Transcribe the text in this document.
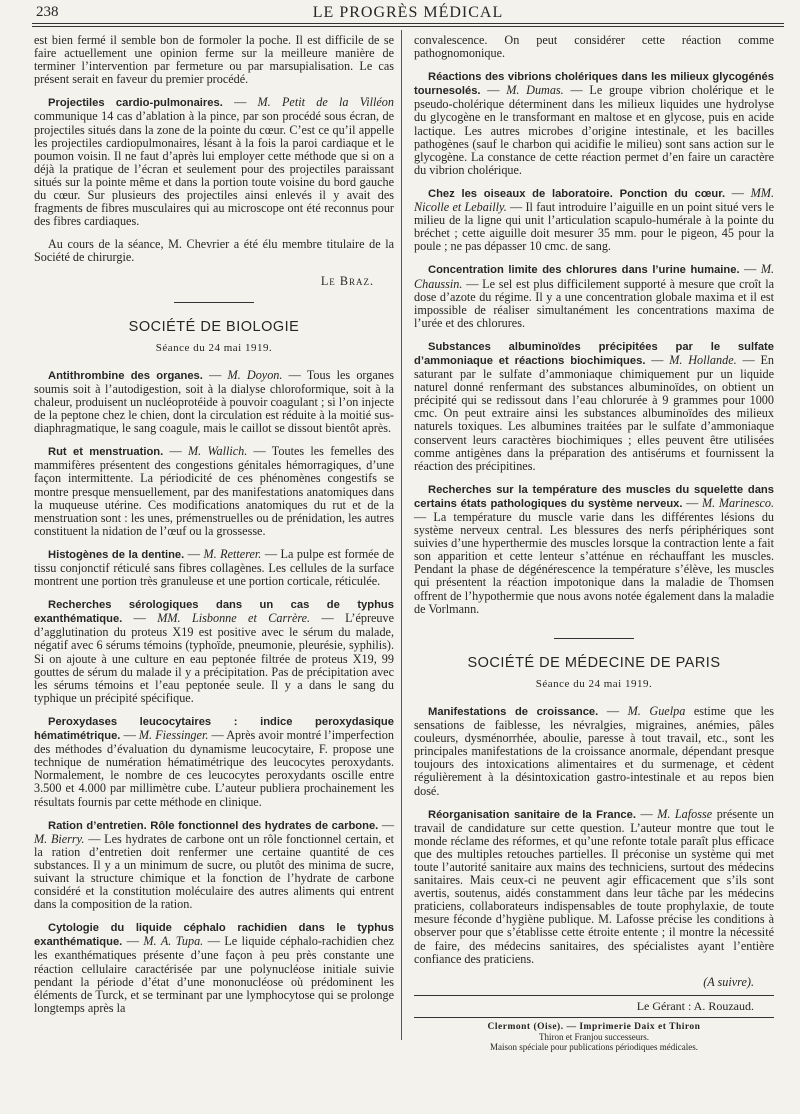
238	LE PROGRÈS MÉDICAL

est bien fermé il semble bon de formoler la poche. Il est difficile de se faire actuellement une opinion ferme sur la meilleure manière de terminer l’intervention par fermeture ou par marsupialisation. Le cas présent serait en faveur du premier procédé.

Projectiles cardio-pulmonaires. — M. Petit de la Villéon communique 14 cas d’ablation à la pince, par son procédé sous écran, de projectiles situés dans la zone de la pointe du cœur. C’est ce qu’il appelle les projectiles cardiopulmonaires, lésant à la fois la paroi cardiaque et le poumon voisin. Il ne faut d’après lui employer cette méthode que si on a déjà la pratique de l’écran et seulement pour des projectiles paraissant situés sur la pointe même et dans la portion toute voisine du bord gauche du cœur. Sur plusieurs des projectiles ainsi enlevés il y avait des fragments de fibres musculaires qui au microscope ont été reconnus pour des fibres cardiaques.

Au cours de la séance, M. Chevrier a été élu membre titulaire de la Société de chirurgie.

Le Braz.
SOCIÉTÉ DE BIOLOGIE
Séance du 24 mai 1919.

Antithrombine des organes. — M. Doyon. — Tous les organes soumis soit à l’autodigestion, soit à la dialyse chloroformique, soit à la chaleur, produisent un nucléoprotéide à pouvoir coagulant ; si l’on injecte de la peptone chez le chien, dont la circulation est réduite à la moitié sus-diaphragmatique, le sang coagule, mais le caillot se dissout bientôt après.

Rut et menstruation. — M. Wallich. — Toutes les femelles des mammifères présentent des congestions génitales hémorragiques, d’une façon intermittente. La périodicité de ces phénomènes congestifs se montre presque mensuellement, par des manifestations anatomiques dans la muqueuse utérine. Ces modifications anatomiques du rut et de la menstruation sont : les unes, prémenstruelles ou de prénidation, les autres constituent la nidation de l’œuf ou la grossesse.

Histogènes de la dentine. — M. Retterer. — La pulpe est formée de tissu conjonctif réticulé sans fibres collagènes. Les cellules de la surface montrent une portion très granuleuse et une portion corticale, réticulée.

Recherches sérologiques dans un cas de typhus exanthématique. — MM. Lisbonne et Carrère. — L’épreuve d’agglutination du proteus X19 est positive avec le sérum du malade, négatif avec 6 sérums témoins (typhoïde, pneumonie, pleurésie, syphilis). Si on ajoute à une culture en eau peptonée filtrée de proteus X19, 99 gouttes de sérum du malade il y a précipitation. Pas de précipitation avec les sérums témoins et l’eau peptonée seule. Il y a dans le sang du typhique un précipité spécifique.

Peroxydases leucocytaires : indice peroxydasique hématimétrique. — M. Fiessinger. — Après avoir montré l’imperfection des méthodes d’évaluation du dynamisme leucocytaire, F. propose une technique de numération hématimétrique des leucocytes peroxydants. Normalement, le nombre de ces leucocytes peroxydants oscille entre 3.500 et 4.000 par millimètre cube. L’auteur publiera prochainement les résultats fournis par cette méthode en clinique.

Ration d’entretien. Rôle fonctionnel des hydrates de carbone. — M. Bierry. — Les hydrates de carbone ont un rôle fonctionnel certain, et la ration d’entretien doit renfermer une certaine quantité de ces substances. Il y a un minimum de sucre, ou plutôt des minima de sucre, suivant la structure chimique et la fonction de l’hydrate de carbone considéré et la constitution moléculaire des autres aliments qui entrent dans la composition de la ration.

Cytologie du liquide céphalo rachidien dans le typhus exanthématique. — M. A. Tupa. — Le liquide céphalo-rachidien chez les exanthématiques présente d’une façon à peu près constante une réaction cellulaire caractérisée par une polynucléose initiale suivie pendant la période d’état d’une mononucléose où prédominent les éléments de Turck, et se terminant par une lymphocytose qui se prolonge longtemps après la

convalescence. On peut considérer cette réaction comme pathognomonique.

Réactions des vibrions cholériques dans les milieux glycogénés tournesolés. — M. Dumas. — Le groupe vibrion cholérique et le pseudo-cholérique déterminent dans les milieux liquides une hydrolyse du glycogène en le transformant en maltose et en glycose, puis en acide lactique. Les autres microbes d’origine intestinale, et les bacilles pathogènes (sauf le charbon qui acidifie le milieu) sont sans action sur le glycogène. La constance de cette réaction permet d’en faire un caractère du vibrion cholérique.

Chez les oiseaux de laboratoire. Ponction du cœur. — MM. Nicolle et Lebailly. — Il faut introduire l’aiguille en un point situé vers le milieu de la ligne qui unit l’articulation scapulo-humérale à la pointe du bréchet ; cette aiguille doit mesurer 35 mm. pour le pigeon, 45 pour la poule ; ne pas dépasser 10 cmc. de sang.

Concentration limite des chlorures dans l’urine humaine. — M. Chaussin. — Le sel est plus difficilement supporté à mesure que croît la dose d’azote du régime. Il y a une concentration globale maxima et il est impossible de réaliser simultanément les concentrations maxima de l’urée et des chlorures.

Substances albuminoïdes précipitées par le sulfate d’ammoniaque et réactions biochimiques. — M. Hollande. — En saturant par le sulfate d’ammoniaque chimiquement pur un liquide naturel donné renfermant des substances albuminoïdes, on obtient un précipité qui se redissout dans l’eau chlorurée à 9 grammes pour 1000 cmc. On peut extraire ainsi les substances albuminoïdes des milieux naturels toxiques. Les albumines traitées par le sulfate d’ammoniaque conservent leurs caractères biochimiques ; elles peuvent être utilisées comme antigènes dans la préparation des antisérums et fournissent la réaction des précipitines.

Recherches sur la température des muscles du squelette dans certains états pathologiques du système nerveux. — M. Marinesco. — La température du muscle varie dans les différentes lésions du système nerveux central. Les blessures des nerfs périphériques sont suivies d’une hyperthermie des muscles lorsque la contraction lente a fait son apparition et cette lenteur s’atténue en réchauffant les muscles. Pendant la phase de dégénérescence la température s’élève, les muscles qui présentent la réaction impotonique dans la maladie de Thomsen offrent de l’hypothermie que nous avons notée également dans la maladie de Vorlmann.

SOCIÉTÉ DE MÉDECINE DE PARIS
Séance du 24 mai 1919.

Manifestations de croissance. — M. Guelpa estime que les sensations de faiblesse, les névralgies, migraines, anémies, pâles couleurs, dysménorrhée, aboulie, paresse à tout travail, etc., sont les principales manifestations de la croissance anormale, dépendant presque toujours des intoxications alimentaires et du surmenage, et cèdent régulièrement à la désintoxication gastro-intestinale et au repos bien dosé.

Réorganisation sanitaire de la France. — M. Lafosse présente un travail de candidature sur cette question. L’auteur montre que tout le monde réclame des réformes, et qu’une refonte totale paraît plus efficace que des multiples retouches partielles. Il préconise un système qui met toute l’autorité sanitaire aux mains des techniciens, surtout des médecins sanitaires. Mais ceux-ci ne peuvent agir efficacement que s’ils sont avertis, soutenus, aidés constamment dans leur tâche par les médecins praticiens, collaborateurs indispensables de toute prophylaxie, de toute mesure féconde d’hygiène publique. M. Lafosse précise les conditions à observer pour que s’établisse cette étroite entente ; il montre la nécessité de faire, des médecins sanitaires, des spécialistes ayant l’entière confiance des praticiens.

(A suivre).
Le Gérant : A. Rouzaud.

Clermont (Oise). — Imprimerie Daix et Thiron
Thiron et Franjou successeurs.
Maison spéciale pour publications périodiques médicales.
